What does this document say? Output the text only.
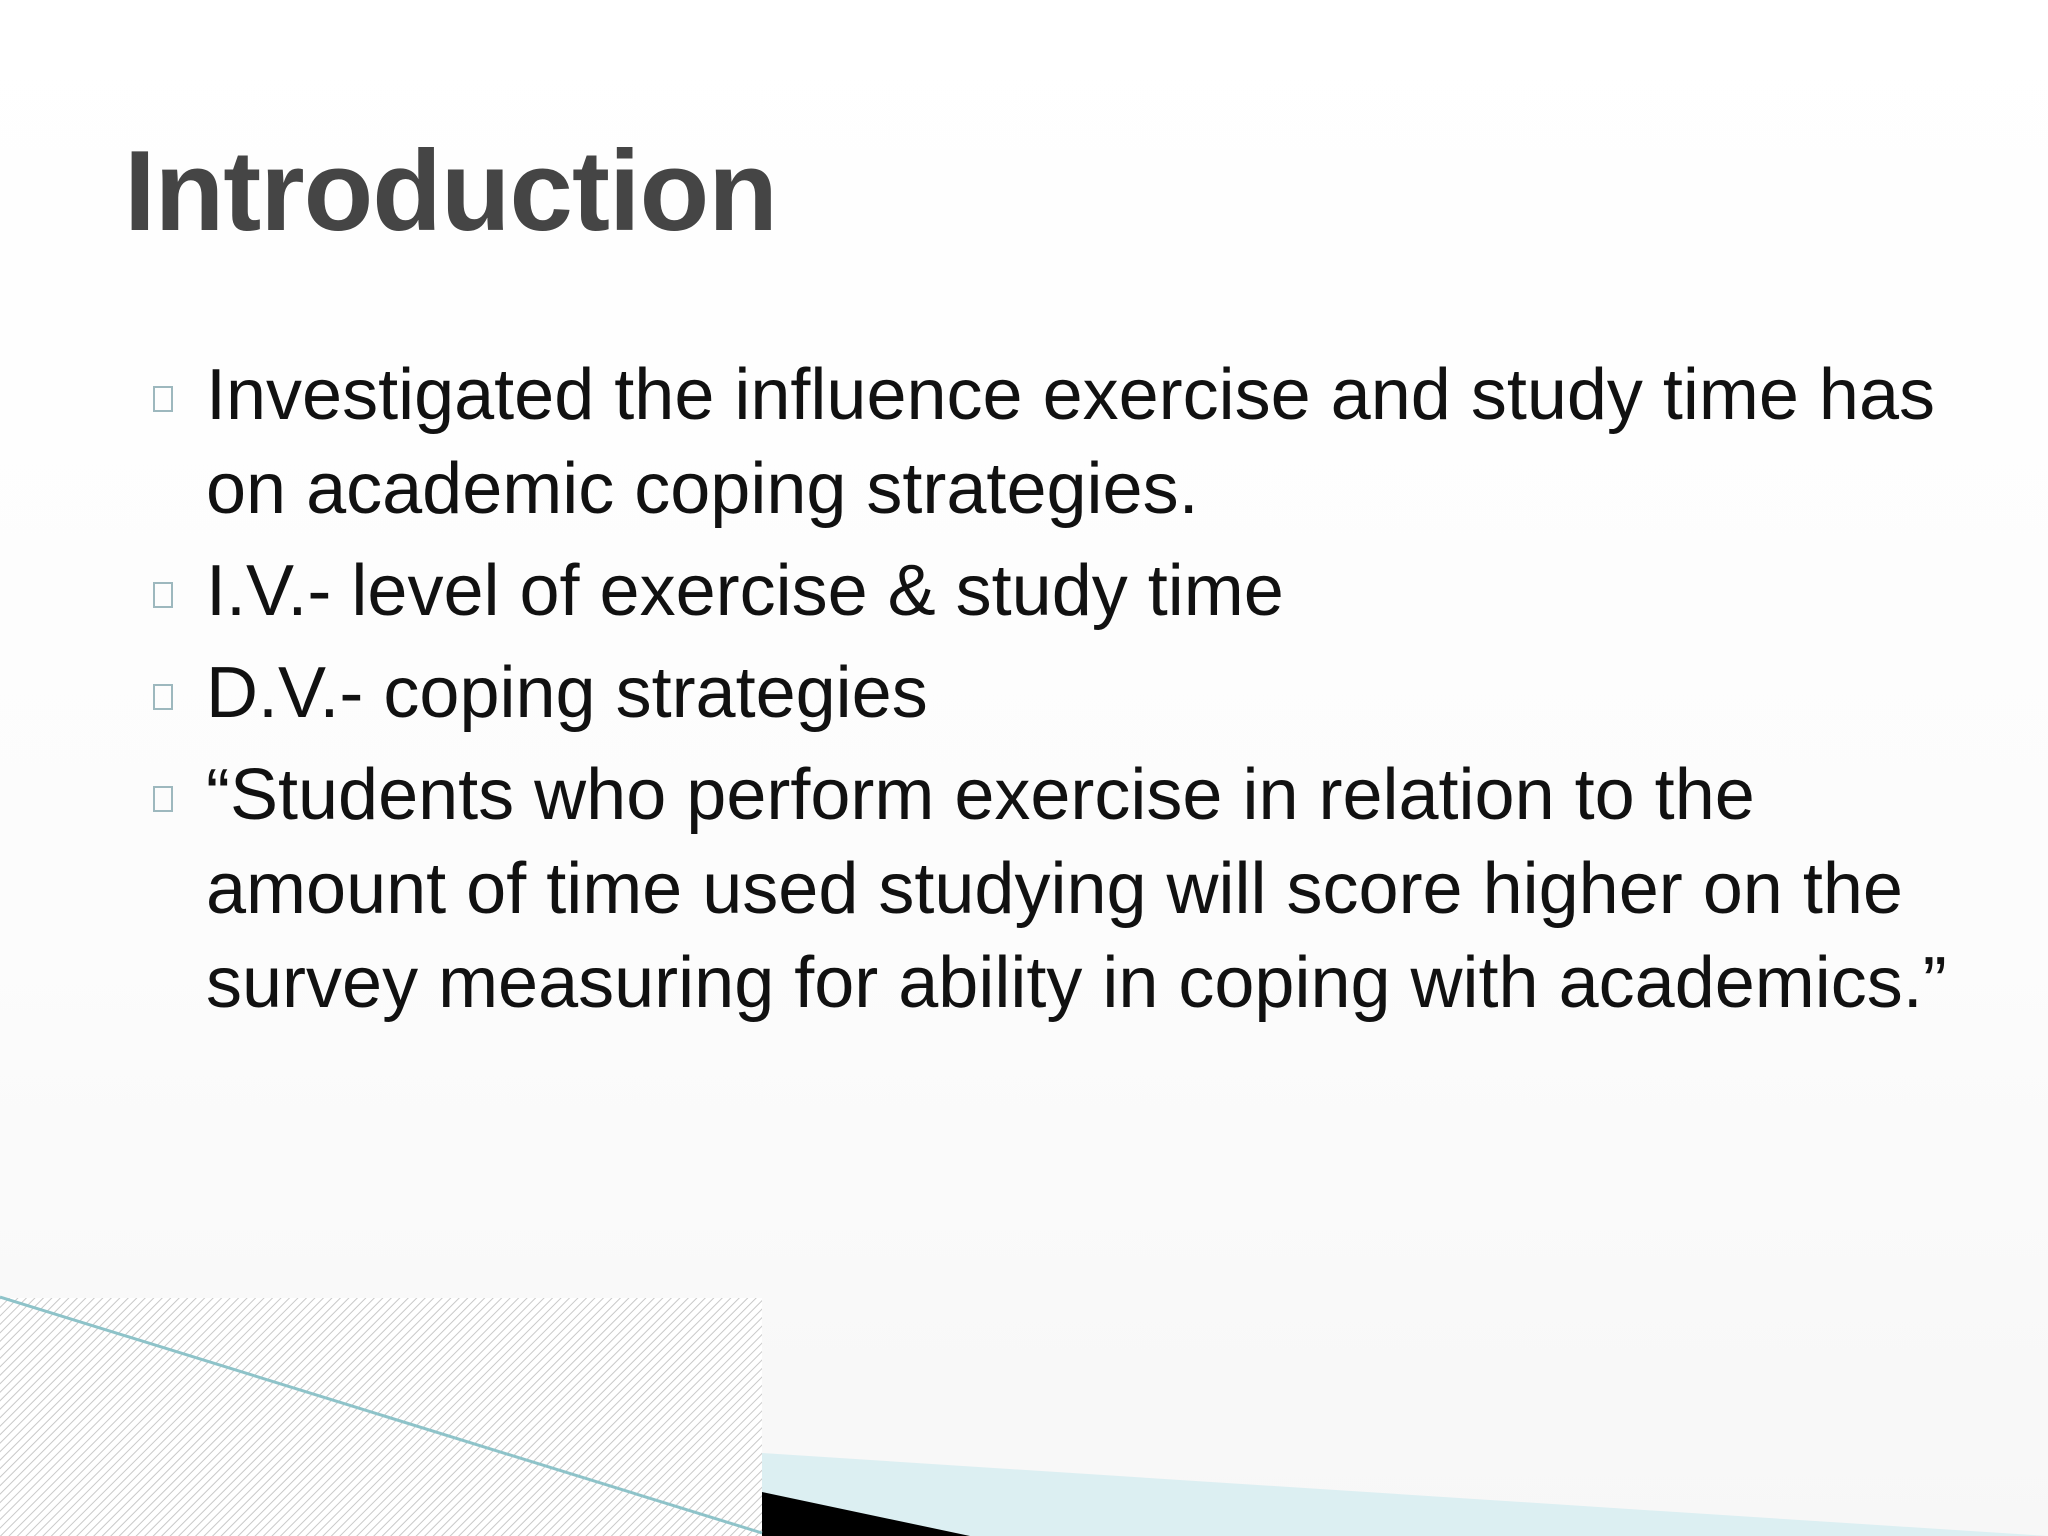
Introduction
Investigated the influence exercise and study time has on academic coping strategies.
I.V.- level of exercise & study time
D.V.- coping strategies
“Students who perform exercise in relation to the amount of time used studying will score higher on the survey measuring for ability in coping with academics.”
